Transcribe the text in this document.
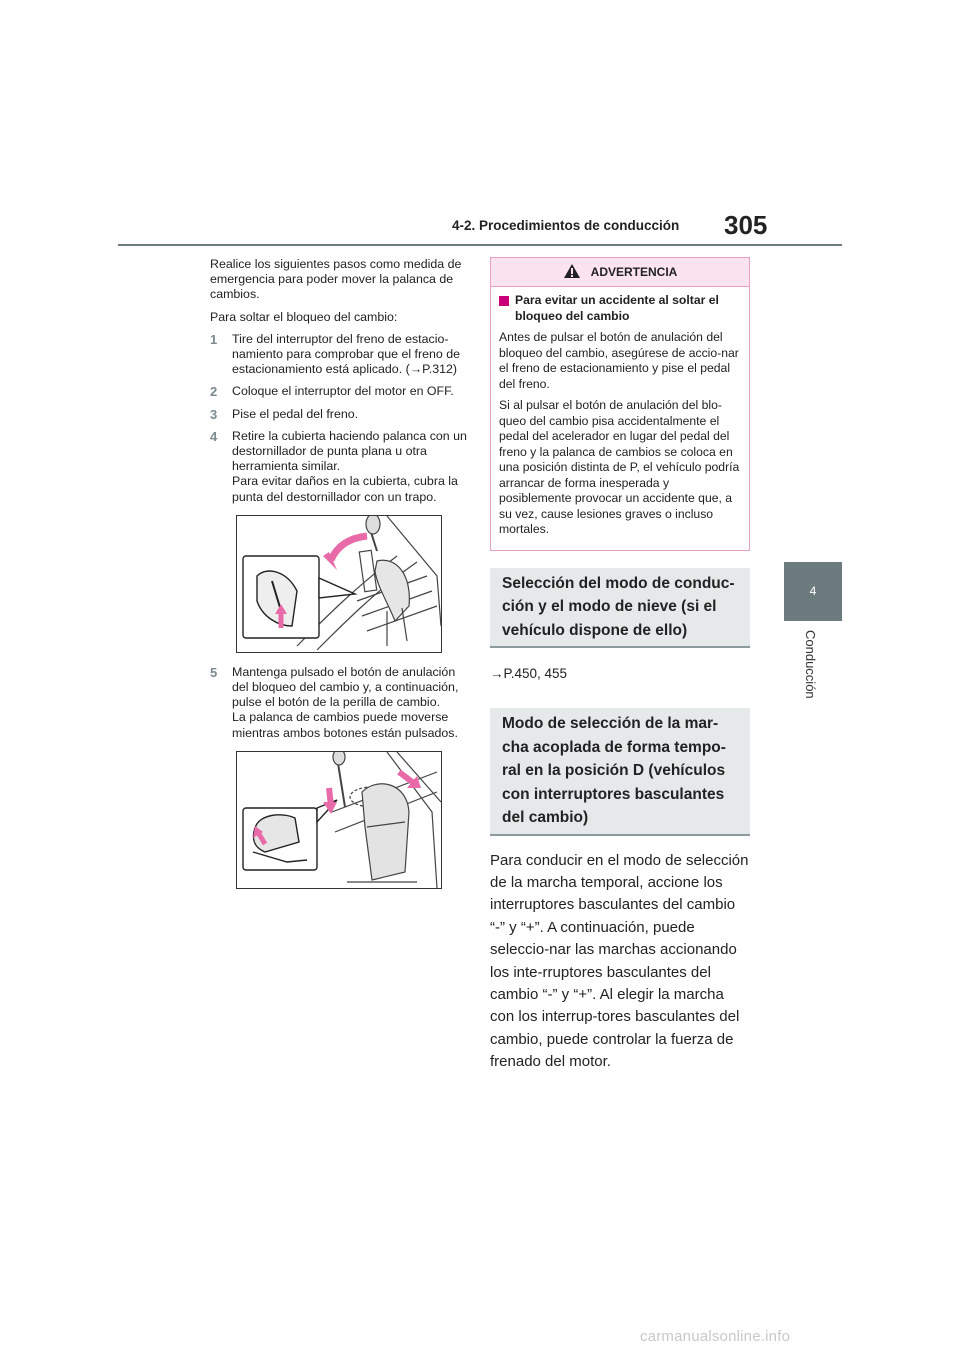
4-2. Procedimientos de conducción 305
4
Conducción

Realice los siguientes pasos como medida de emergencia para poder mover la palanca de cambios.

Para soltar el bloqueo del cambio:

1	Tire del interruptor del freno de estacio-namiento para comprobar que el freno de estacionamiento está aplicado. (→P.312)
2	Coloque el interruptor del motor en OFF.
3	Pise el pedal del freno.
4	Retire la cubierta haciendo palanca con un destornillador de punta plana u otra herramienta similar.
Para evitar daños en la cubierta, cubra la punta del destornillador con un trapo.
5	Mantenga pulsado el botón de anulación del bloqueo del cambio y, a continuación, pulse el botón de la perilla de cambio.
La palanca de cambios puede moverse mientras ambos botones están pulsados.
ADVERTENCIA
Para evitar un accidente al soltar el bloqueo del cambio

Antes de pulsar el botón de anulación del bloqueo del cambio, asegúrese de accio-nar el freno de estacionamiento y pise el pedal del freno.

Si al pulsar el botón de anulación del blo-queo del cambio pisa accidentalmente el pedal del acelerador en lugar del pedal del freno y la palanca de cambios se coloca en una posición distinta de P, el vehículo podría arrancar de forma inesperada y posiblemente provocar un accidente que, a su vez, cause lesiones graves o incluso mortales.

Selección del modo de conduc-ción y el modo de nieve (si el vehículo dispone de ello)
→P.450, 455
Modo de selección de la mar-cha acoplada de forma tempo-ral en la posición D (vehículos con interruptores basculantes del cambio)
Para conducir en el modo de selección de la marcha temporal, accione los interruptores basculantes del cambio “-” y “+”. A continuación, puede seleccio-nar las marchas accionando los inte-rruptores basculantes del cambio “-” y “+”. Al elegir la marcha con los interrup-tores basculantes del cambio, puede controlar la fuerza de frenado del motor.
carmanualsonline.info
